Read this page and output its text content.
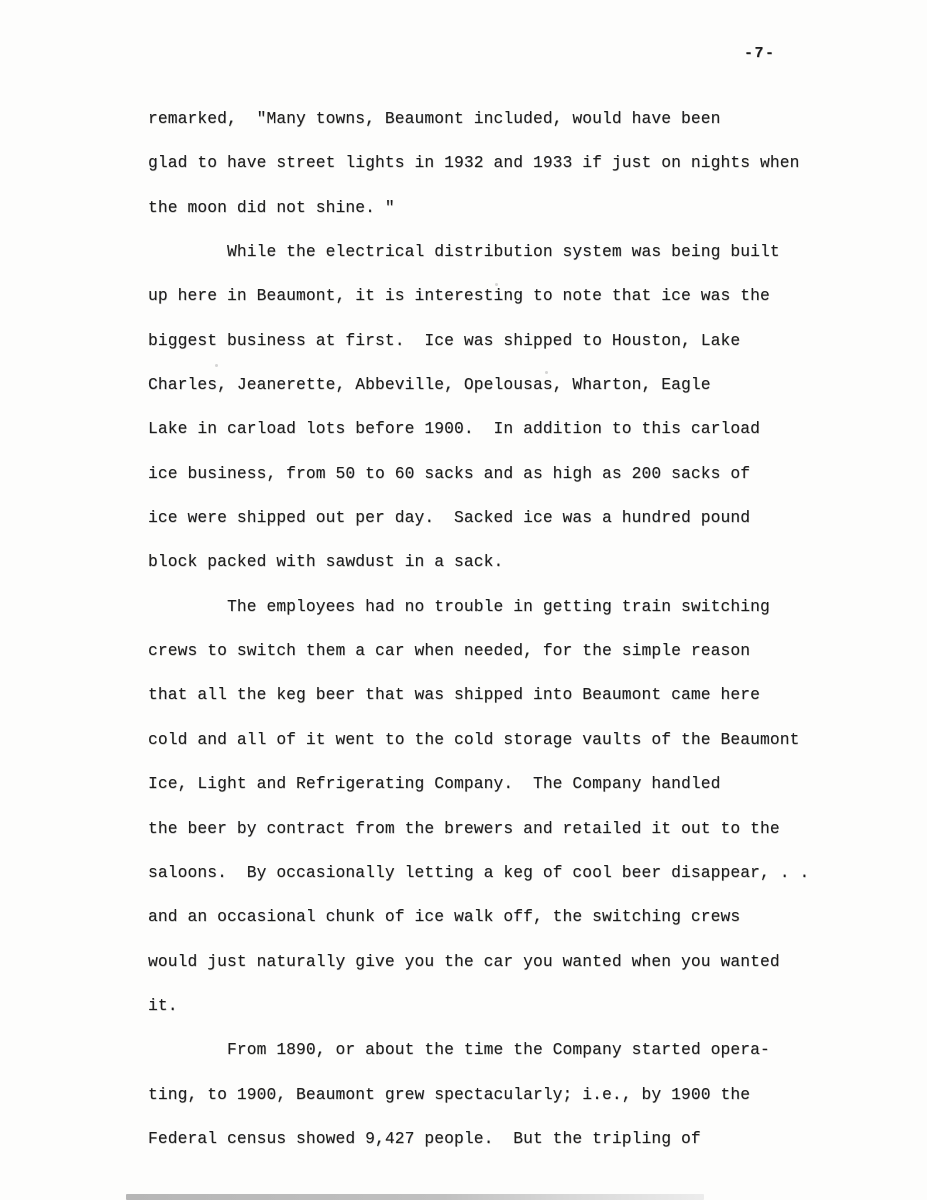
-7-
remarked,  "Many towns, Beaumont included, would have been
glad to have street lights in 1932 and 1933 if just on nights when
the moon did not shine. "
While the electrical distribution system was being built
up here in Beaumont, it is interesting to note that ice was the
biggest business at first.  Ice was shipped to Houston, Lake
Charles, Jeanerette, Abbeville, Opelousas, Wharton, Eagle
Lake in carload lots before 1900.  In addition to this carload
ice business, from 50 to 60 sacks and as high as 200 sacks of
ice were shipped out per day.  Sacked ice was a hundred pound
block packed with sawdust in a sack.
The employees had no trouble in getting train switching
crews to switch them a car when needed, for the simple reason
that all the keg beer that was shipped into Beaumont came here
cold and all of it went to the cold storage vaults of the Beaumont
Ice, Light and Refrigerating Company.  The Company handled
the beer by contract from the brewers and retailed it out to the
saloons.  By occasionally letting a keg of cool beer disappear, . .
and an occasional chunk of ice walk off, the switching crews
would just naturally give you the car you wanted when you wanted
it.
From 1890, or about the time the Company started opera-
ting, to 1900, Beaumont grew spectacularly; i.e., by 1900 the
Federal census showed 9,427 people.  But the tripling of
